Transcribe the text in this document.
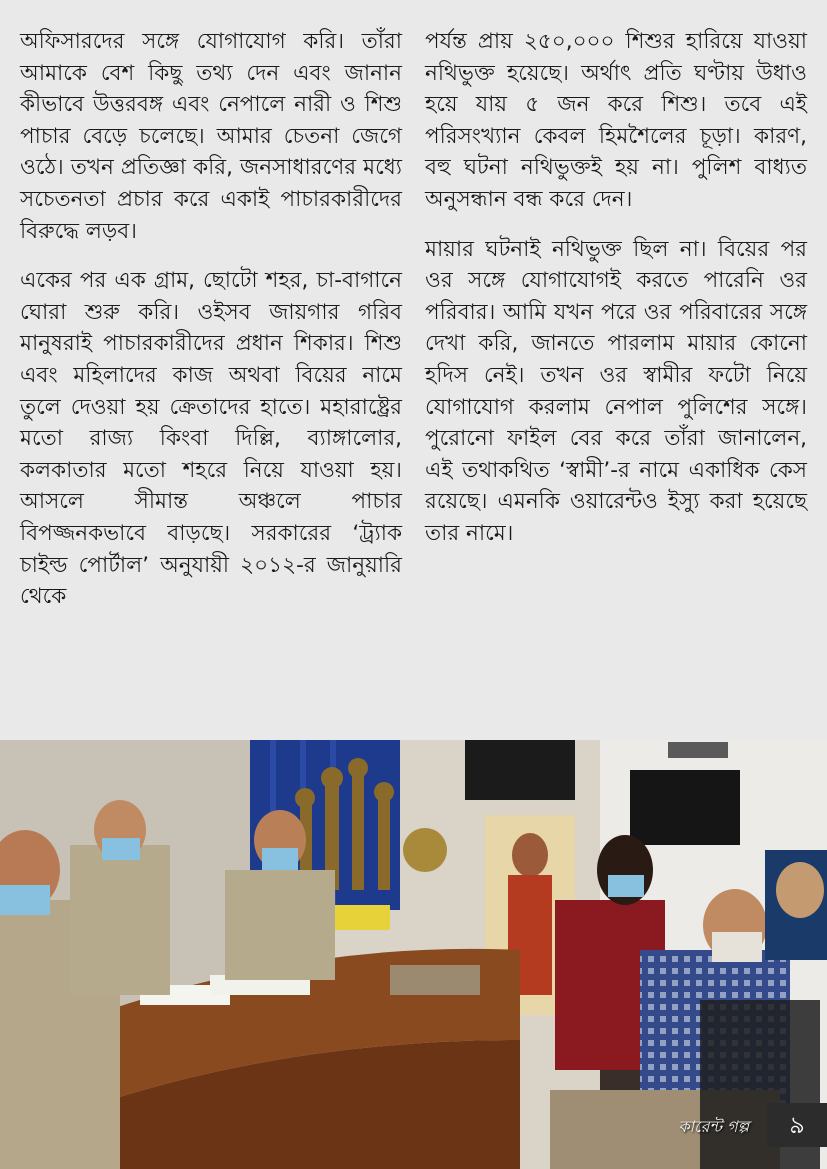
অফিসারদের সঙ্গে যোগাযোগ করি। তাঁরা আমাকে বেশ কিছু তথ্য দেন এবং জানান কীভাবে উত্তরবঙ্গ এবং নেপালে নারী ও শিশু পাচার বেড়ে চলেছে। আমার চেতনা জেগে ওঠে। তখন প্রতিজ্ঞা করি, জনসাধারণের মধ্যে সচেতনতা প্রচার করে একাই পাচারকারীদের বিরুদ্ধে লড়ব।

একের পর এক গ্রাম, ছোটো শহর, চা-বাগানে ঘোরা শুরু করি। ওইসব জায়গার গরিব মানুষরাই পাচারকারীদের প্রধান শিকার। শিশু এবং মহিলাদের কাজ অথবা বিয়ের নামে তুলে দেওয়া হয় ক্রেতাদের হাতে। মহারাষ্ট্রের মতো রাজ্য কিংবা দিল্লি, ব্যাঙ্গালোর, কলকাতার মতো শহরে নিয়ে যাওয়া হয়। আসলে সীমান্ত অঞ্চলে পাচার বিপজ্জনকভাবে বাড়ছে। সরকারের ‘ট্র্যাক চাইল্ড পোর্টাল’ অনুযায়ী ২০১২-র জানুয়ারি থেকে

পর্যন্ত প্রায় ২৫০,০০০ শিশুর হারিয়ে যাওয়া নথিভুক্ত হয়েছে। অর্থাৎ প্রতি ঘণ্টায় উধাও হয়ে যায় ৫ জন করে শিশু। তবে এই পরিসংখ্যান কেবল হিমশৈলের চূড়া। কারণ, বহু ঘটনা নথিভুক্তই হয় না। পুলিশ বাধ্যত অনুসন্ধান বন্ধ করে দেন।

মায়ার ঘটনাই নথিভুক্ত ছিল না। বিয়ের পর ওর সঙ্গে যোগাযোগই করতে পারেনি ওর পরিবার। আমি যখন পরে ওর পরিবারের সঙ্গে দেখা করি, জানতে পারলাম মায়ার কোনো হদিস নেই। তখন ওর স্বামীর ফটো নিয়ে যোগাযোগ করলাম নেপাল পুলিশের সঙ্গে। পুরোনো ফাইল বের করে তাঁরা জানালেন, এই তথাকথিত ‘স্বামী’-র নামে একাধিক কেস রয়েছে। এমনকি ওয়ারেন্টও ইস্যু করা হয়েছে তার নামে।

কারেন্ট গল্প	৯
